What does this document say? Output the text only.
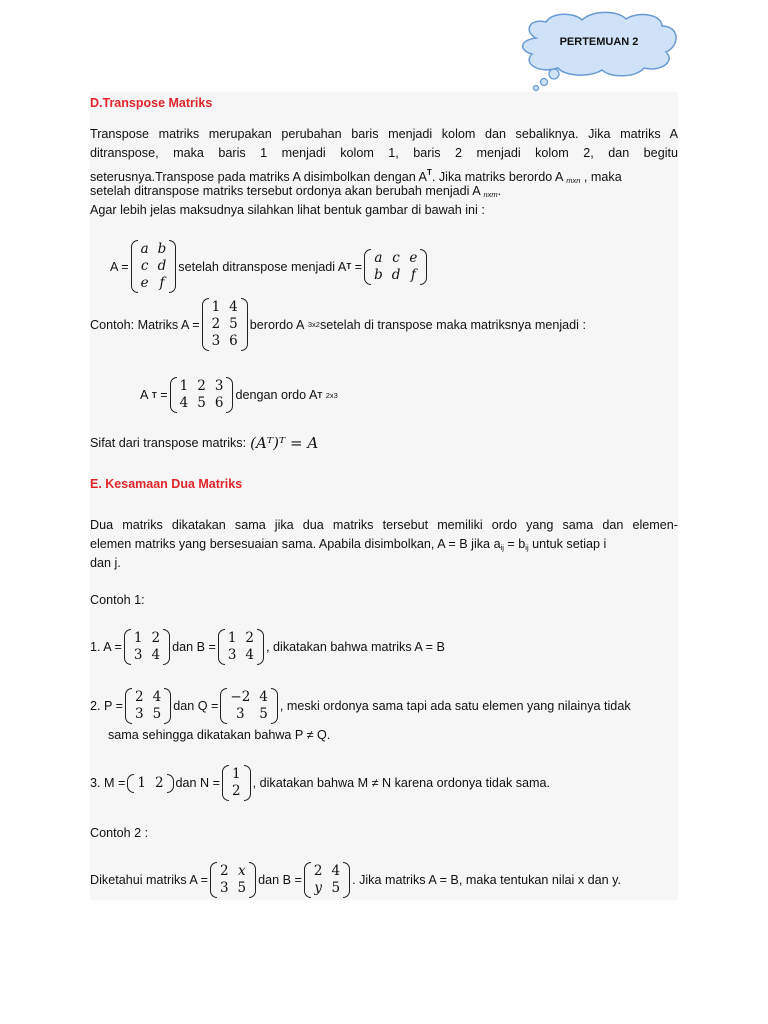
PERTEMUAN 2
D.Transpose Matriks
Transpose matriks merupakan perubahan baris menjadi kolom dan sebaliknya. Jika matriks A
ditranspose, maka baris 1 menjadi kolom 1, baris 2 menjadi kolom 2, dan begitu
seterusnya.Transpose pada matriks A disimbolkan dengan $A^T$. Jika matriks berordo A $_{mxn}$ , maka
setelah ditranspose matriks tersebut ordonya akan berubah menjadi A $_{nxm}$.
Agar lebih jelas maksudnya silahkan lihat bentuk gambar di bawah ini :
A =
a b
c d
e f
setelah ditranspose menjadi A T
=
a c e
b d f
Contoh: Matriks A =
1 4
2 5
3 6
berordo A
3x2 setelah di transpose maka matriksnya menjadi :
A
T
=
1 2 3
4 5 6 dengan ordo A T
2x3
Sifat dari transpose matriks: (Aᵀ)ᵀ = A
E. Kesamaan Dua Matriks
Dua matriks dikatakan sama jika dua matriks tersebut memiliki ordo yang sama dan elemen-
elemen matriks yang bersesuaian sama. Apabila disimbolkan, A = B jika $a_{ij} = b_{ij}$ untuk setiap i
dan j.
Contoh 1:
1. A =
1 2
3 4 dan B =
1 2
3 4 , dikatakan bahwa matriks A = B
2. P =
2 4
3 5 dan Q =
−2 4
3	5 , meski ordonya sama tapi ada satu elemen yang nilainya tidak
sama sehingga dikatakan bahwa P ≠ Q.
3. M = 1 2 dan N =
1
2 , dikatakan bahwa M ≠ N karena ordonya tidak sama.
Contoh 2 :
Diketahui matriks A =
2 x
3 5 dan B =
2 4
y 5 . Jika matriks A = B, maka tentukan nilai x dan y.
